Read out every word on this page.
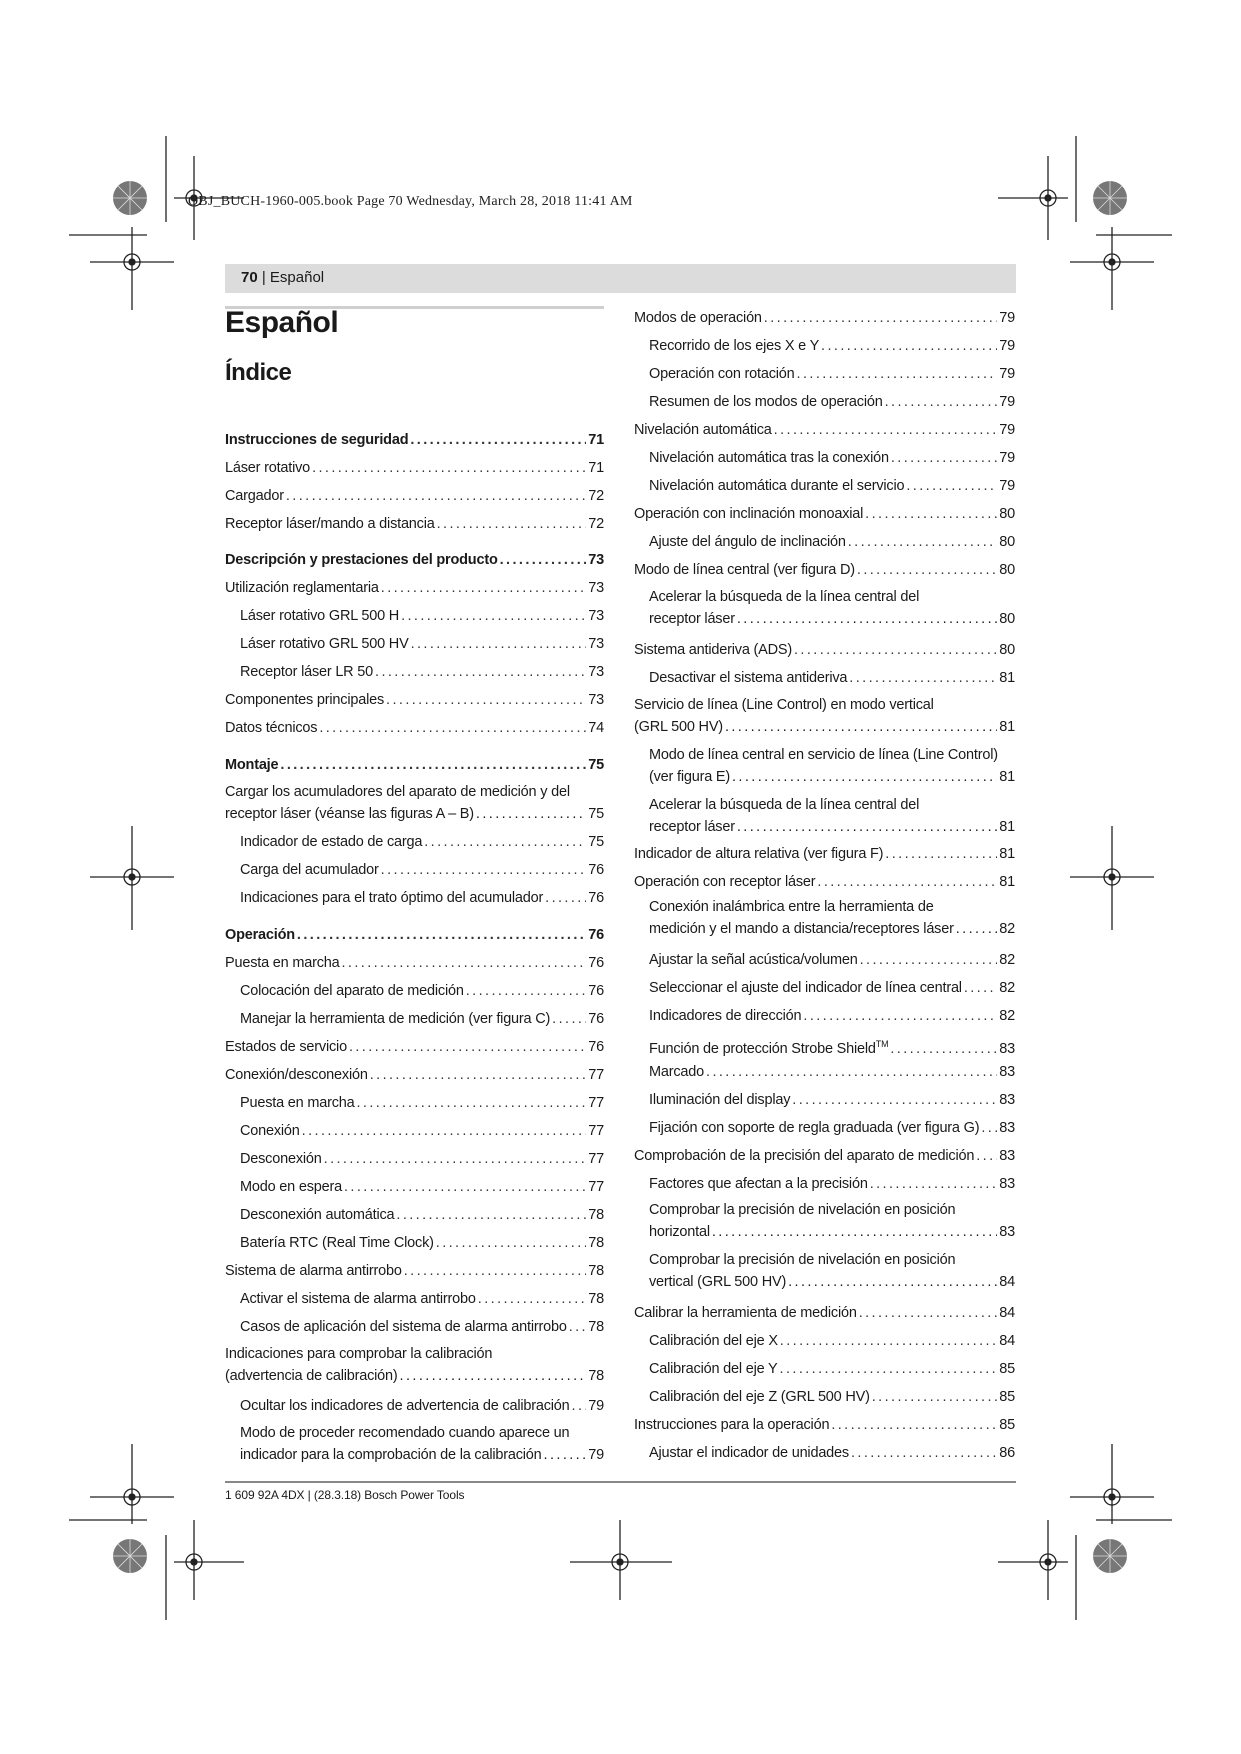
OBJ_BUCH-1960-005.book Page 70 Wednesday, March 28, 2018 11:41 AM
70 | Español
Español
Índice
Instrucciones de seguridad .....	71
Láser rotativo .....	71
Cargador .....	72
Receptor láser/mando a distancia .....	72
Descripción y prestaciones del producto .....	73
Utilización reglamentaria .....	73
Láser rotativo GRL 500 H .....	73
Láser rotativo GRL 500 HV .....	73
Receptor láser LR 50 .....	73
Componentes principales .....	73
Datos técnicos .....	74
Montaje .....	75
Cargar los acumuladores del aparato de medición y del
receptor láser (véanse las figuras A – B) .....	75
Indicador de estado de carga .....	75
Carga del acumulador .....	76
Indicaciones para el trato óptimo del acumulador .....	76
Operación .....	76
Puesta en marcha .....	76
Colocación del aparato de medición .....	76
Manejar la herramienta de medición (ver figura C) .....	76
Estados de servicio .....	76
Conexión/desconexión .....	77
Puesta en marcha .....	77
Conexión .....	77
Desconexión .....	77
Modo en espera .....	77
Desconexión automática .....	78
Batería RTC (Real Time Clock) .....	78
Sistema de alarma antirrobo .....	78
Activar el sistema de alarma antirrobo .....	78
Casos de aplicación del sistema de alarma antirrobo ..... 78
Indicaciones para comprobar la calibración
(advertencia de calibración) .....	78
Ocultar los indicadores de advertencia de calibración ..... 79
Modo de proceder recomendado cuando aparece un
indicador para la comprobación de la calibración .....	79
Modos de operación .....	79
Recorrido de los ejes X e Y .....	79
Operación con rotación .....	79
Resumen de los modos de operación .....	79
Nivelación automática .....	79
Nivelación automática tras la conexión .....	79
Nivelación automática durante el servicio .....	79
Operación con inclinación monoaxial .....	80
Ajuste del ángulo de inclinación .....	80
Modo de línea central (ver figura D) .....	80
Acelerar la búsqueda de la línea central del
receptor láser .....	80
Sistema antideriva (ADS) .....	80
Desactivar el sistema antideriva .....	81
Servicio de línea (Line Control) en modo vertical
(GRL 500 HV) .....	81
Modo de línea central en servicio de línea (Line Control)
(ver figura E) .....	81
Acelerar la búsqueda de la línea central del
receptor láser .....	81
Indicador de altura relativa (ver figura F) .....	81
Operación con receptor láser .....	81
Conexión inalámbrica entre la herramienta de
medición y el mando a distancia/receptores láser .....	82
Ajustar la señal acústica/volumen .....	82
Seleccionar el ajuste del indicador de línea central .....	82
Indicadores de dirección .....	82
Función de protección Strobe Shield™ .....	83
Marcado .....	83
Iluminación del display .....	83
Fijación con soporte de regla graduada (ver figura G) ..... 83
Comprobación de la precisión del aparato de medición ..... 83
Factores que afectan a la precisión .....	83
Comprobar la precisión de nivelación en posición
horizontal .....	83
Comprobar la precisión de nivelación en posición
vertical (GRL 500 HV) .....	84
Calibrar la herramienta de medición .....	84
Calibración del eje X .....	84
Calibración del eje Y .....	85
Calibración del eje Z (GRL 500 HV) .....	85
Instrucciones para la operación .....	85
Ajustar el indicador de unidades .....	86
1 609 92A 4DX | (28.3.18) Bosch Power Tools
